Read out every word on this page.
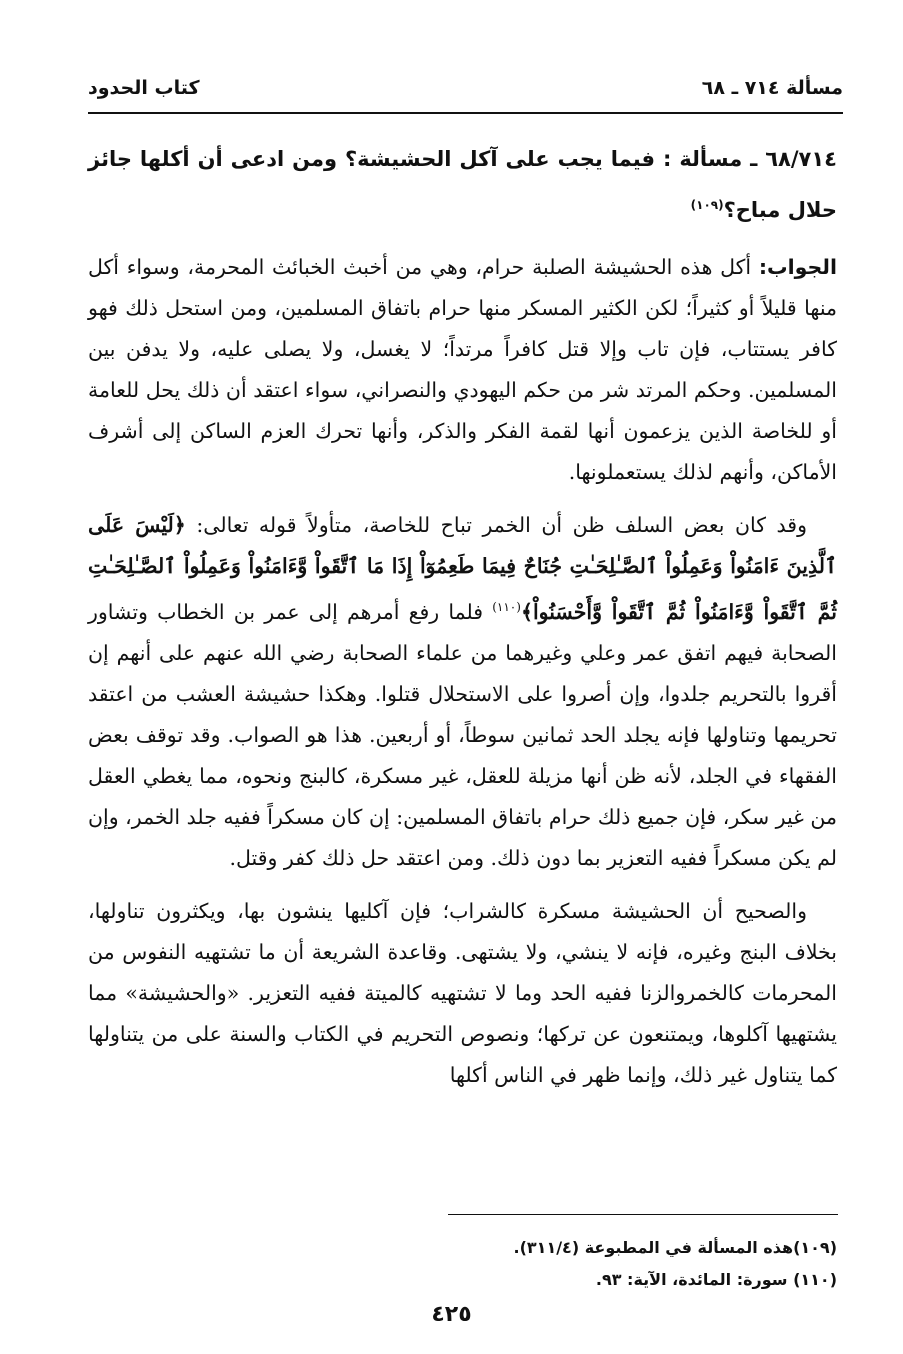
مسألة ٧١٤ ـ ٦٨
كتاب الحدود
٦٨/٧١٤ ـ مسألة : فيما يجب على آكل الحشيشة؟ ومن ادعى أن أكلها جائز حلال مباح؟$^{(١٠٩)}$

الجواب: أكل هذه الحشيشة الصلبة حرام، وهي من أخبث الخبائث المحرمة، وسواء أكل منها قليلاً أو كثيراً؛ لكن الكثير المسكر منها حرام باتفاق المسلمين، ومن استحل ذلك فهو كافر يستتاب، فإن تاب وإلا قتل كافراً مرتداً؛ لا يغسل، ولا يصلى عليه، ولا يدفن بين المسلمين. وحكم المرتد شر من حكم اليهودي والنصراني، سواء اعتقد أن ذلك يحل للعامة أو للخاصة الذين يزعمون أنها لقمة الفكر والذكر، وأنها تحرك العزم الساكن إلى أشرف الأماكن، وأنهم لذلك يستعملونها.

وقد كان بعض السلف ظن أن الخمر تباح للخاصة، متأولاً قوله تعالى: ﴿لَيْسَ عَلَى ٱلَّذِينَ ءَامَنُواْ وَعَمِلُواْ ٱلصَّـٰلِحَـٰتِ جُنَاحٌ فِيمَا طَعِمُوٓاْ إِذَا مَا ٱتَّقَواْ وَّءَامَنُواْ وَعَمِلُواْ ٱلصَّـٰلِحَـٰتِ ثُمَّ ٱتَّقَواْ وَّءَامَنُواْ ثُمَّ ٱتَّقَواْ وَّأَحْسَنُواْ﴾$^{(١١٠)}$ فلما رفع أمرهم إلى عمر بن الخطاب وتشاور الصحابة فيهم اتفق عمر وعلي وغيرهما من علماء الصحابة رضي الله عنهم على أنهم إن أقروا بالتحريم جلدوا، وإن أصروا على الاستحلال قتلوا. وهكذا حشيشة العشب من اعتقد تحريمها وتناولها فإنه يجلد الحد ثمانين سوطاً، أو أربعين. هذا هو الصواب. وقد توقف بعض الفقهاء في الجلد، لأنه ظن أنها مزيلة للعقل، غير مسكرة، كالبنج ونحوه، مما يغطي العقل من غير سكر، فإن جميع ذلك حرام باتفاق المسلمين: إن كان مسكراً ففيه جلد الخمر، وإن لم يكن مسكراً ففيه التعزير بما دون ذلك. ومن اعتقد حل ذلك كفر وقتل.

والصحيح أن الحشيشة مسكرة كالشراب؛ فإن آكليها ينشون بها، ويكثرون تناولها، بخلاف البنج وغيره، فإنه لا ينشي، ولا يشتهى. وقاعدة الشريعة أن ما تشتهيه النفوس من المحرمات كالخمروالزنا ففيه الحد وما لا تشتهيه كالميتة ففيه التعزير. «والحشيشة» مما يشتهيها آكلوها، ويمتنعون عن تركها؛ ونصوص التحريم في الكتاب والسنة على من يتناولها كما يتناول غير ذلك، وإنما ظهر في الناس أكلها

(١٠٩)هذه المسألة في المطبوعة (٣١١/٤).
(١١٠) سورة: المائدة، الآية: ٩٣.
٤٢٥
